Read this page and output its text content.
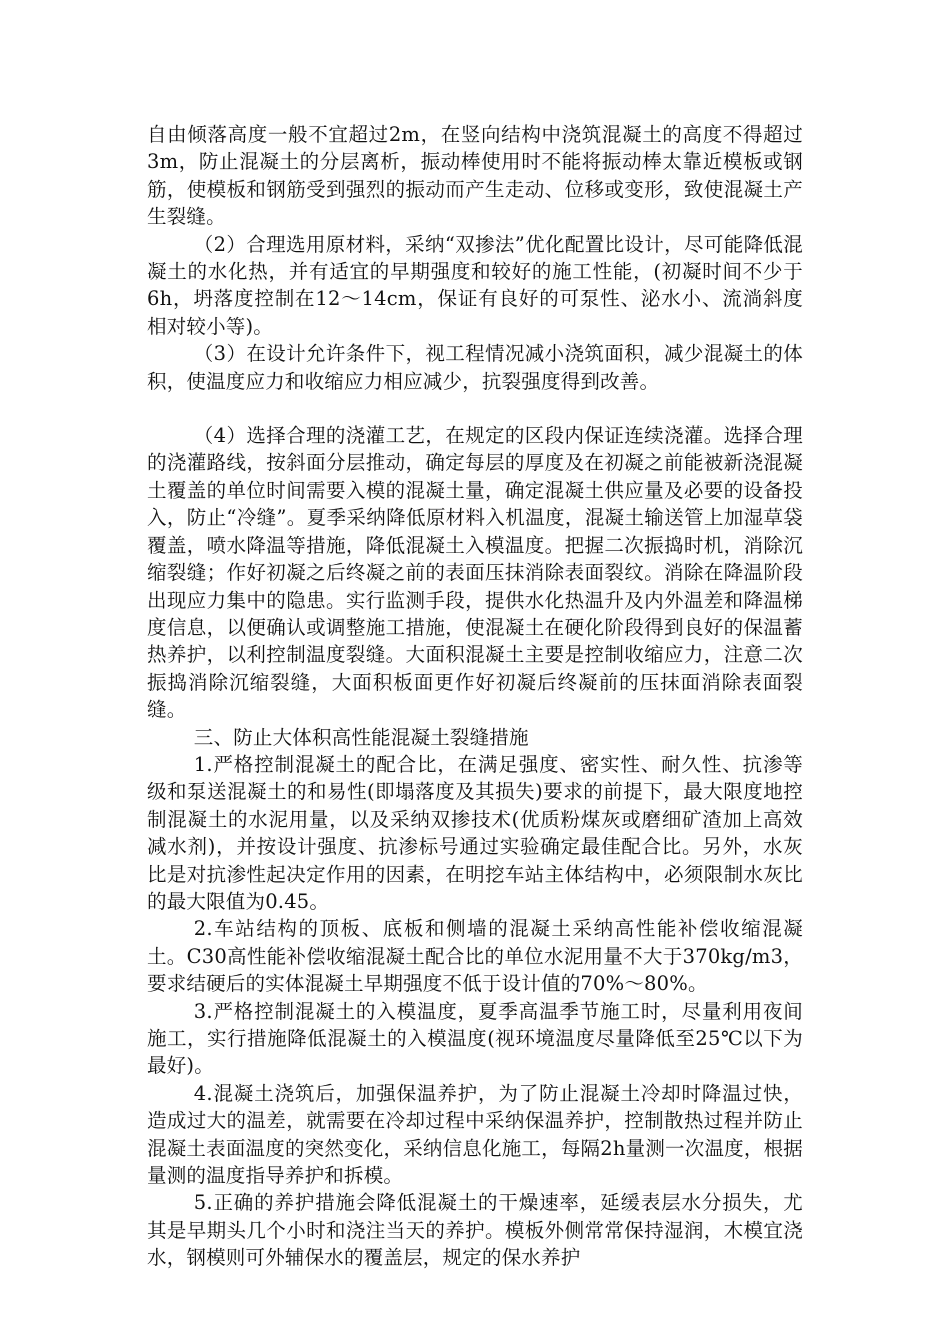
自由倾落高度一般不宜超过2m，在竖向结构中浇筑混凝土的高度不得超过3m，防止混凝土的分层离析，振动棒使用时不能将振动棒太靠近模板或钢筋，使模板和钢筋受到强烈的振动而产生走动、位移或变形，致使混凝土产生裂缝。

（2）合理选用原材料，采纳“双掺法”优化配置比设计，尽可能降低混凝土的水化热，并有适宜的早期强度和较好的施工性能，(初凝时间不少于6h，坍落度控制在12～14cm，保证有良好的可泵性、泌水小、流淌斜度相对较小等)。

（3）在设计允许条件下，视工程情况减小浇筑面积，减少混凝土的体积，使温度应力和收缩应力相应减少，抗裂强度得到改善。

（4）选择合理的浇灌工艺，在规定的区段内保证连续浇灌。选择合理的浇灌路线，按斜面分层推动，确定每层的厚度及在初凝之前能被新浇混凝土覆盖的单位时间需要入模的混凝土量，确定混凝土供应量及必要的设备投入，防止“冷缝”。夏季采纳降低原材料入机温度，混凝土输送管上加湿草袋覆盖，喷水降温等措施，降低混凝土入模温度。把握二次振捣时机，消除沉缩裂缝；作好初凝之后终凝之前的表面压抹消除表面裂纹。消除在降温阶段出现应力集中的隐患。实行监测手段，提供水化热温升及内外温差和降温梯度信息，以便确认或调整施工措施，使混凝土在硬化阶段得到良好的保温蓄热养护，以利控制温度裂缝。大面积混凝土主要是控制收缩应力，注意二次振捣消除沉缩裂缝，大面积板面更作好初凝后终凝前的压抹面消除表面裂缝。

三、防止大体积高性能混凝土裂缝措施

1.严格控制混凝土的配合比，在满足强度、密实性、耐久性、抗渗等级和泵送混凝土的和易性(即塌落度及其损失)要求的前提下，最大限度地控制混凝土的水泥用量，以及采纳双掺技术(优质粉煤灰或磨细矿渣加上高效减水剂)，并按设计强度、抗渗标号通过实验确定最佳配合比。另外，水灰比是对抗渗性起决定作用的因素，在明挖车站主体结构中，必须限制水灰比的最大限值为0.45。

2.车站结构的顶板、底板和侧墙的混凝土采纳高性能补偿收缩混凝土。C30高性能补偿收缩混凝土配合比的单位水泥用量不大于370kg/m3，要求结硬后的实体混凝土早期强度不低于设计值的70%～80%。

3.严格控制混凝土的入模温度，夏季高温季节施工时，尽量利用夜间施工，实行措施降低混凝土的入模温度(视环境温度尽量降低至25℃以下为最好)。

4.混凝土浇筑后，加强保温养护，为了防止混凝土冷却时降温过快，造成过大的温差，就需要在冷却过程中采纳保温养护，控制散热过程并防止混凝土表面温度的突然变化，采纳信息化施工，每隔2h量测一次温度，根据量测的温度指导养护和拆模。

5.正确的养护措施会降低混凝土的干燥速率，延缓表层水分损失，尤其是早期头几个小时和浇注当天的养护。模板外侧常常保持湿润，木模宜浇水，钢模则可外辅保水的覆盖层，规定的保水养护
